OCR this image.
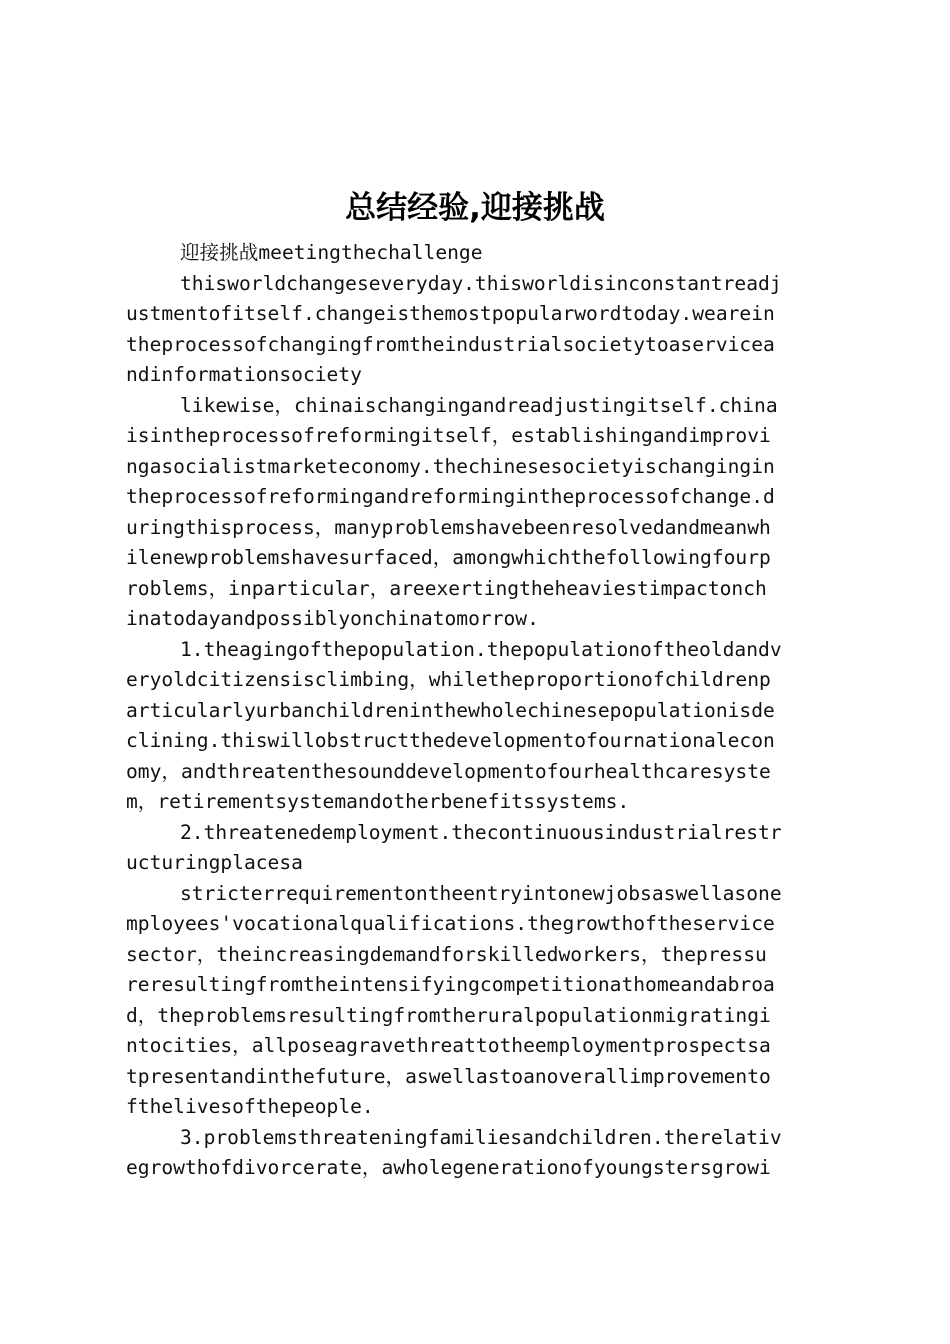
总结经验,迎接挑战
迎接挑战meetingthechallenge
thisworldchangeseveryday.thisworldisinconstantreadj
ustmentofitself.changeisthemostpopularwordtoday.wearein
theprocessofchangingfromtheindustrialsocietytoaservicea
ndinformationsociety
likewise，chinaischangingandreadjustingitself.china
isintheprocessofreformingitself，establishingandimprovi
ngasocialistmarketeconomy.thechinesesocietyischangingin
theprocessofreformingandreformingintheprocessofchange.d
uringthisprocess，manyproblemshavebeenresolvedandmeanwh
ilenewproblemshavesurfaced，amongwhichthefollowingfourp
roblems，inparticular，areexertingtheheaviestimpactonch
inatodayandpossiblyonchinatomorrow.
1.theagingofthepopulation.thepopulationoftheoldandv
eryoldcitizensisclimbing，whiletheproportionofchildrenp
articularlyurbanchildreninthewholechinesepopulationisde
clining.thiswillobstructthedevelopmentofournationalecon
omy，andthreatenthesounddevelopmentofourhealthcaresyste
m，retirementsystemandotherbenefitssystems.
2.threatenedemployment.thecontinuousindustrialrestr
ucturingplacesa
stricterrequirementontheentryintonewjobsaswellasone
mployees'vocationalqualifications.thegrowthoftheservice
sector，theincreasingdemandforskilledworkers，thepressu
reresultingfromtheintensifyingcompetitionathomeandabroa
d，theproblemsresultingfromtheruralpopulationmigratingi
ntocities，allposeagravethreattotheemploymentprospectsa
tpresentandinthefuture，aswellastoanoverallimprovemento
fthelivesofthepeople.
3.problemsthreateningfamiliesandchildren.therelativ
egrowthofdivorcerate，awholegenerationofyoungstersgrowi
